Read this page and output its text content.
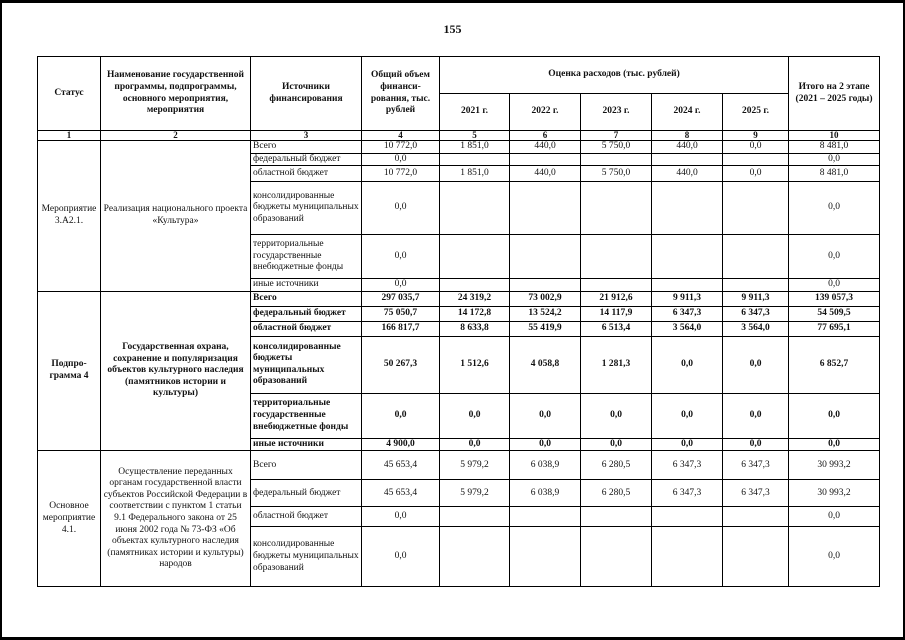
155
Статус	Наименование государственной программы, подпрограммы, основного мероприятия, мероприятия	Источники финансирования	Общий объем финанси-рования, тыс. рублей	Оценка расходов (тыс. рублей)					Итого на 2 этапе (2021 – 2025 годы)
				2021 г.	2022 г.	2023 г.	2024 г.	2025 г.	
1	2	3	4	5	6	7	8	9	10
Мероприятие 3.А2.1.	Реализация национального проекта «Культура»	Всего	10 772,0	1 851,0	440,0	5 750,0	440,0	0,0	8 481,0
		федеральный бюджет	0,0						0,0
		областной бюджет	10 772,0	1 851,0	440,0	5 750,0	440,0	0,0	8 481,0
		консолидированные бюджеты муниципальных образований	0,0						0,0
		территориальные государственные внебюджетные фонды	0,0						0,0
		иные источники	0,0						0,0
Подпро-грамма 4	Государственная охрана, сохранение и популяризация объектов культурного наследия (памятников истории и культуры)	Всего	297 035,7	24 319,2	73 002,9	21 912,6	9 911,3	9 911,3	139 057,3
		федеральный бюджет	75 050,7	14 172,8	13 524,2	14 117,9	6 347,3	6 347,3	54 509,5
		областной бюджет	166 817,7	8 633,8	55 419,9	6 513,4	3 564,0	3 564,0	77 695,1
		консолидированные бюджеты муниципальных образований	50 267,3	1 512,6	4 058,8	1 281,3	0,0	0,0	6 852,7
		территориальные государственные внебюджетные фонды	0,0	0,0	0,0	0,0	0,0	0,0	0,0
		иные источники	4 900,0	0,0	0,0	0,0	0,0	0,0	0,0
Основное мероприятие 4.1.	Осуществление переданных органам государственной власти субъектов Российской Федерации в соответствии с пунктом 1 статьи 9.1 Федерального закона от 25 июня 2002 года № 73-ФЗ «Об объектах культурного наследия (памятниках истории и культуры) народов	Всего	45 653,4	5 979,2	6 038,9	6 280,5	6 347,3	6 347,3	30 993,2
		федеральный бюджет	45 653,4	5 979,2	6 038,9	6 280,5	6 347,3	6 347,3	30 993,2
		областной бюджет	0,0						0,0
		консолидированные бюджеты муниципальных образований	0,0						0,0
